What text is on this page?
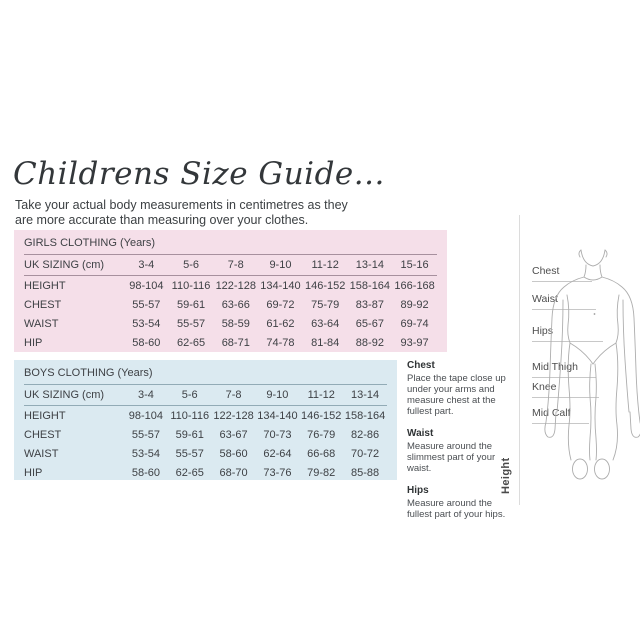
Childrens Size Guide...

Take your actual body measurements in centimetres as they
are more accurate than measuring over your clothes.

GIRLS CLOTHING (Years)							
UK SIZING (cm)	3-4	5-6	7-8	9-10	11-12	13-14	15-16
HEIGHT	98-104	110-116	122-128	134-140	146-152	158-164	166-168
CHEST	55-57	59-61	63-66	69-72	75-79	83-87	89-92
WAIST	53-54	55-57	58-59	61-62	63-64	65-67	69-74
HIP	58-60	62-65	68-71	74-78	81-84	88-92	93-97
BOYS CLOTHING (Years)						
UK SIZING (cm)	3-4	5-6	7-8	9-10	11-12	13-14
HEIGHT	98-104	110-116	122-128	134-140	146-152	158-164
CHEST	55-57	59-61	63-67	70-73	76-79	82-86
WAIST	53-54	55-57	58-60	62-64	66-68	70-72
HIP	58-60	62-65	68-70	73-76	79-82	85-88
Chest

Place the tape close up under your arms and measure chest at the fullest part.

Waist

Measure around the slimmest part of your waist.

Hips

Measure around the fullest part of your hips.

Height
Chest
Waist
Hips
Mid Thigh
Knee
Mid Calf
